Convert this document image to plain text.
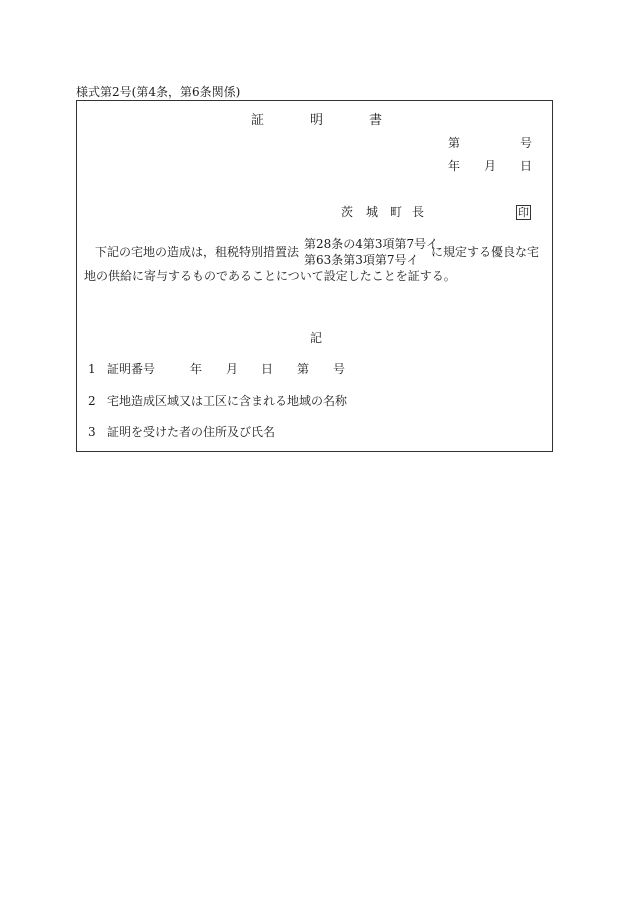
様式第2号(第4条，第6条関係)
証	明	書
第	号
年 月 日
茨 城 町 長	印
下記の宅地の造成は，租税特別措置法
第28条の4第3項第7号イ
第63条第3項第7号イ
に規定する優良な宅
地の供給に寄与するものであることについて設定したことを証する。
記
1 証明番号	年 月 日 第 号
2 宅地造成区域又は工区に含まれる地域の名称
3 証明を受けた者の住所及び氏名
